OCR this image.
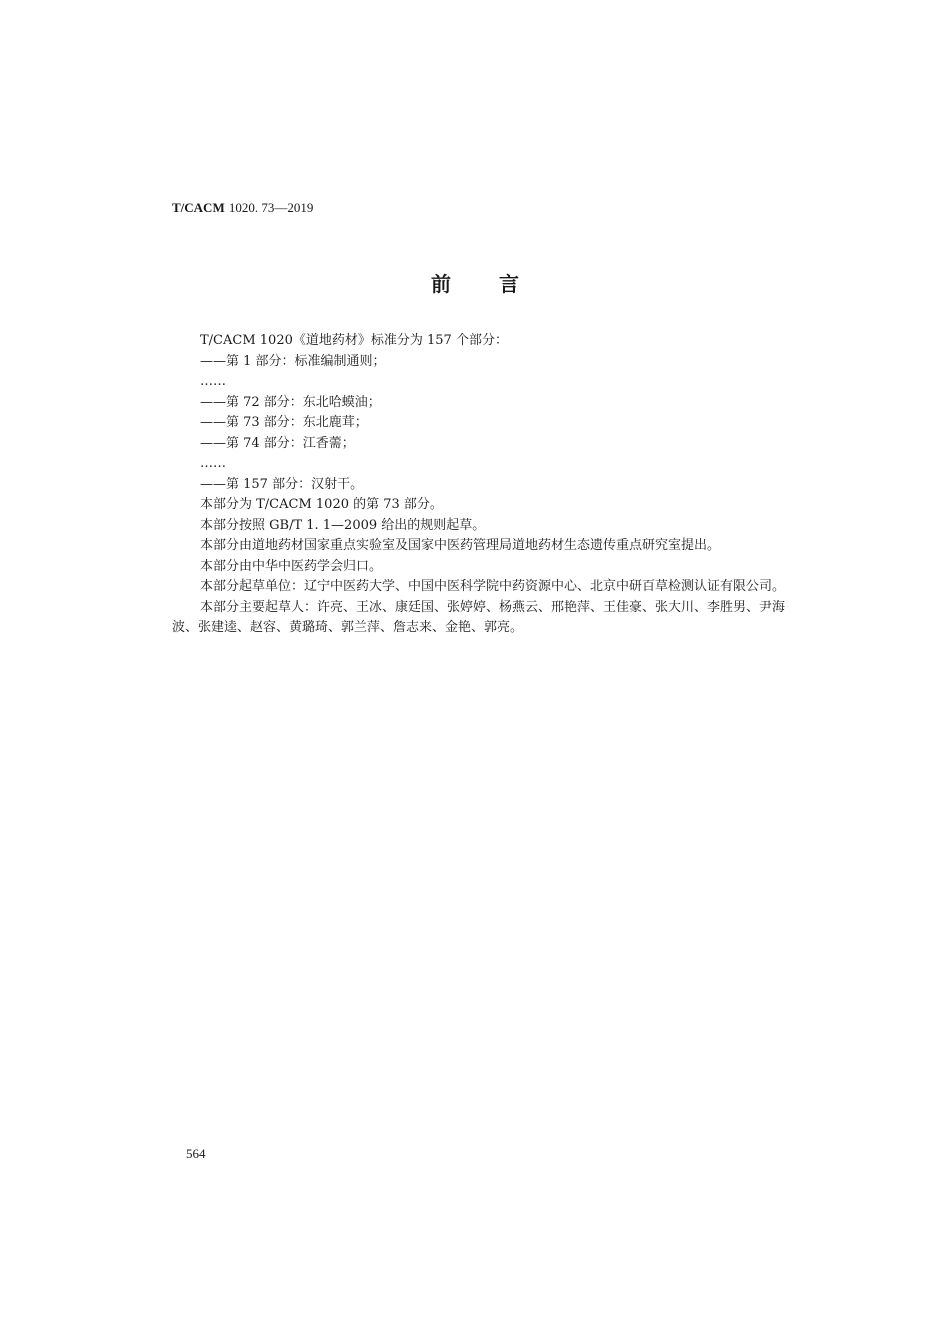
T/CACM 1020. 73—2019
前言

T/CACM 1020《道地药材》标准分为 157 个部分：

——第 1 部分：标准编制通则；

……

——第 72 部分：东北哈蟆油；

——第 73 部分：东北鹿茸；

——第 74 部分：江香薷；

……

——第 157 部分：汉射干。

本部分为 T/CACM 1020 的第 73 部分。

本部分按照 GB/T 1. 1—2009 给出的规则起草。

本部分由道地药材国家重点实验室及国家中医药管理局道地药材生态遗传重点研究室提出。

本部分由中华中医药学会归口。

本部分起草单位：辽宁中医药大学、中国中医科学院中药资源中心、北京中研百草检测认证有限公司。

本部分主要起草人：许亮、王冰、康廷国、张婷婷、杨燕云、邢艳萍、王佳豪、张大川、李胜男、尹海波、张建逵、赵容、黄璐琦、郭兰萍、詹志来、金艳、郭亮。

564
